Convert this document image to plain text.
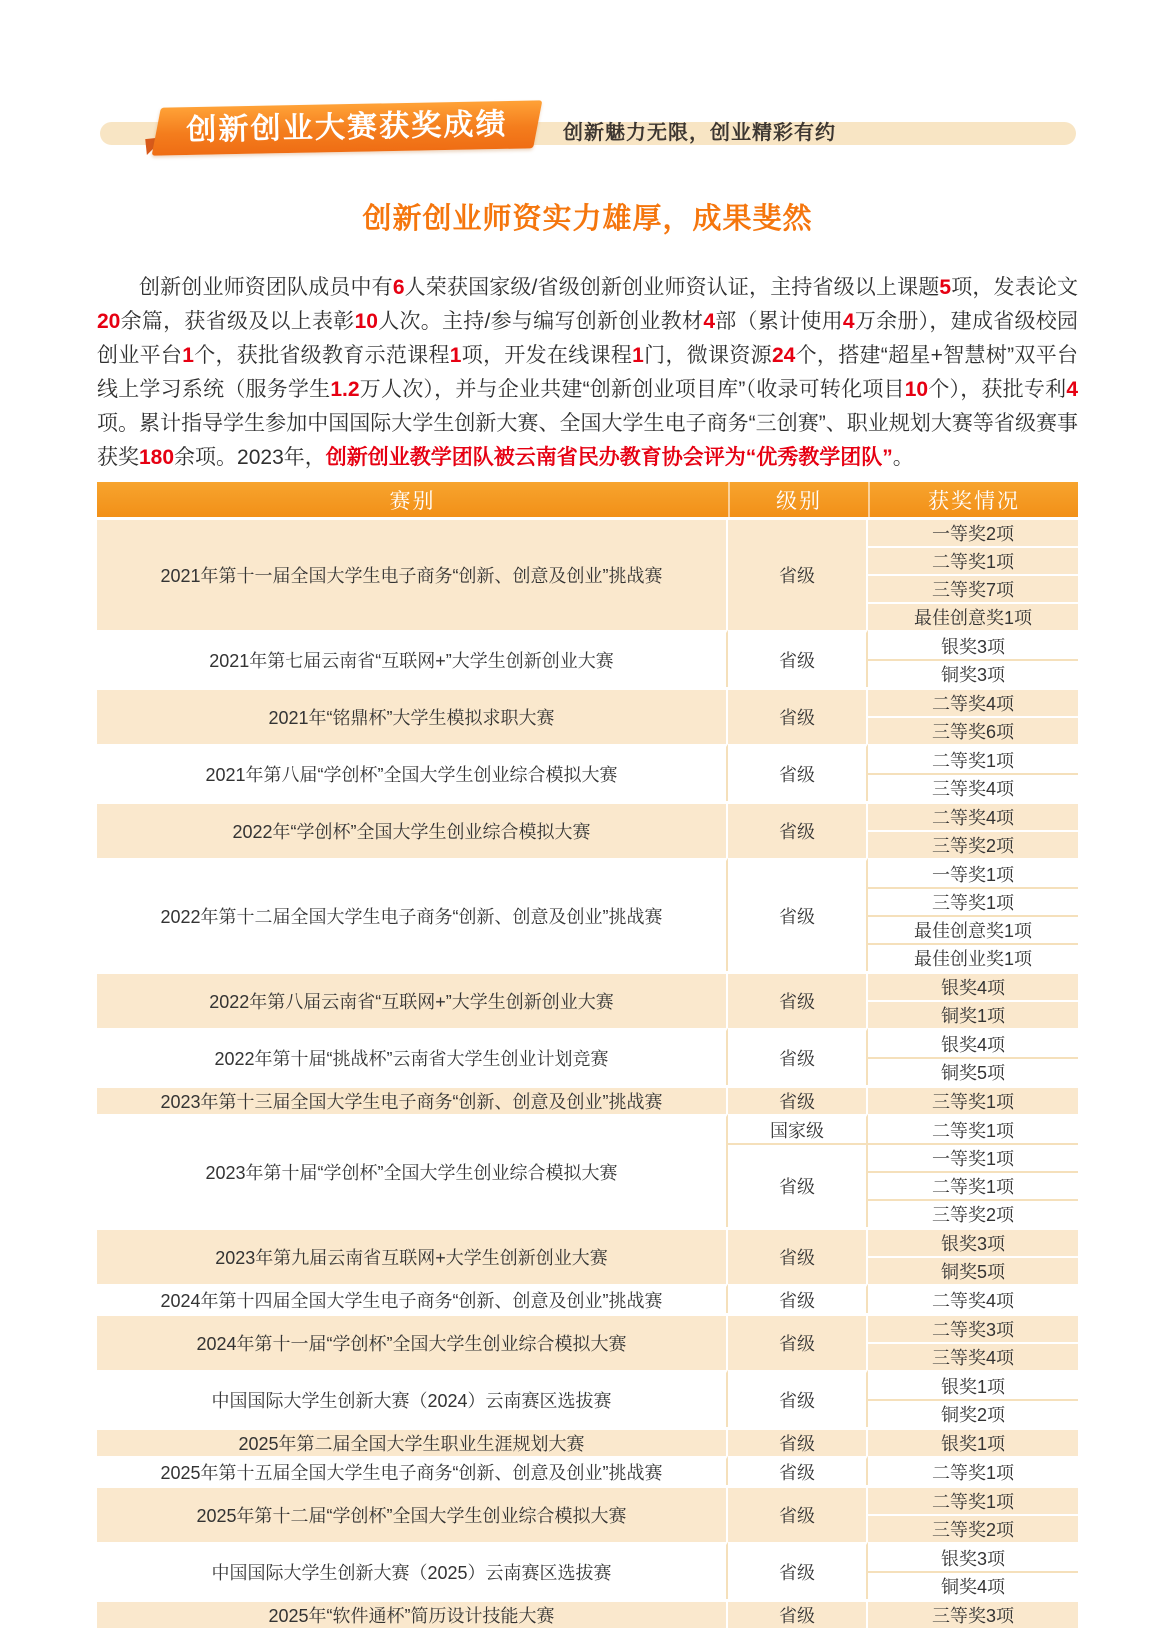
创新创业大赛获奖成绩	创新魅力无限，创业精彩有约
创新创业师资实力雄厚，成果斐然

创新创业师资团队成员中有6人荣获国家级/省级创新创业师资认证，主持省级以上课题5项，发表论文20余篇，获省级及以上表彰10人次。主持/参与编写创新创业教材4部（累计使用4万余册），建成省级校园创业平台1个，获批省级教育示范课程1项，开发在线课程1门，微课资源24个，搭建“超星+智慧树”双平台线上学习系统（服务学生1.2万人次），并与企业共建“创新创业项目库”（收录可转化项目10个），获批专利4项。累计指导学生参加中国国际大学生创新大赛、全国大学生电子商务“三创赛”、职业规划大赛等省级赛事获奖180余项。2023年，创新创业教学团队被云南省民办教育协会评为“优秀教学团队”。

赛别	级别	获奖情况
2021年第十一届全国大学生电子商务“创新、创意及创业”挑战赛	省级	一等奖2项
		二等奖1项
		三等奖7项
		最佳创意奖1项
2021年第七届云南省“互联网+”大学生创新创业大赛	省级	银奖3项
		铜奖3项
2021年“铭鼎杯”大学生模拟求职大赛	省级	二等奖4项
		三等奖6项
2021年第八届“学创杯”全国大学生创业综合模拟大赛	省级	二等奖1项
		三等奖4项
2022年“学创杯”全国大学生创业综合模拟大赛	省级	二等奖4项
		三等奖2项
2022年第十二届全国大学生电子商务“创新、创意及创业”挑战赛	省级	一等奖1项
		三等奖1项
		最佳创意奖1项
		最佳创业奖1项
2022年第八届云南省“互联网+”大学生创新创业大赛	省级	银奖4项
		铜奖1项
2022年第十届“挑战杯”云南省大学生创业计划竞赛	省级	银奖4项
		铜奖5项
2023年第十三届全国大学生电子商务“创新、创意及创业”挑战赛	省级	三等奖1项
2023年第十届“学创杯”全国大学生创业综合模拟大赛	国家级	二等奖1项
	省级	一等奖1项
		二等奖1项
		三等奖2项
2023年第九届云南省互联网+大学生创新创业大赛	省级	银奖3项
		铜奖5项
2024年第十四届全国大学生电子商务“创新、创意及创业”挑战赛	省级	二等奖4项
2024年第十一届“学创杯”全国大学生创业综合模拟大赛	省级	二等奖3项
		三等奖4项
中国国际大学生创新大赛（2024）云南赛区选拔赛	省级	银奖1项
		铜奖2项
2025年第二届全国大学生职业生涯规划大赛	省级	银奖1项
2025年第十五届全国大学生电子商务“创新、创意及创业”挑战赛	省级	二等奖1项
2025年第十二届“学创杯”全国大学生创业综合模拟大赛	省级	二等奖1项
		三等奖2项
中国国际大学生创新大赛（2025）云南赛区选拔赛	省级	银奖3项
		铜奖4项
2025年“软件通杯”简历设计技能大赛	省级	三等奖3项
